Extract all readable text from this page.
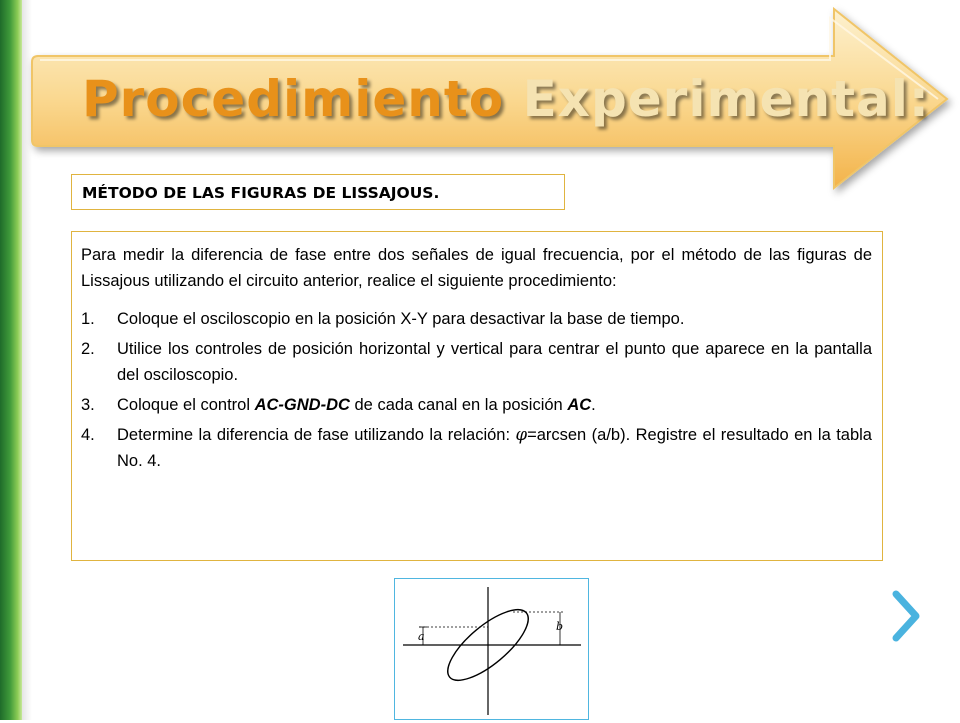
Procedimiento Experimental:
MÉTODO DE LAS FIGURAS DE LISSAJOUS.

Para medir la diferencia de fase entre dos señales de igual frecuencia, por el método de las figuras de Lissajous utilizando el circuito anterior, realice el siguiente procedimiento:

1. Coloque el osciloscopio en la posición X-Y para desactivar la base de tiempo.
2. Utilice los controles de posición horizontal y vertical para centrar el punto que aparece en la pantalla del osciloscopio.
3. Coloque el control AC-GND-DC de cada canal en la posición AC.
4. Determine la diferencia de fase utilizando la relación: φ=arcsen (a/b). Registre el resultado en la tabla No. 4.
a
b
